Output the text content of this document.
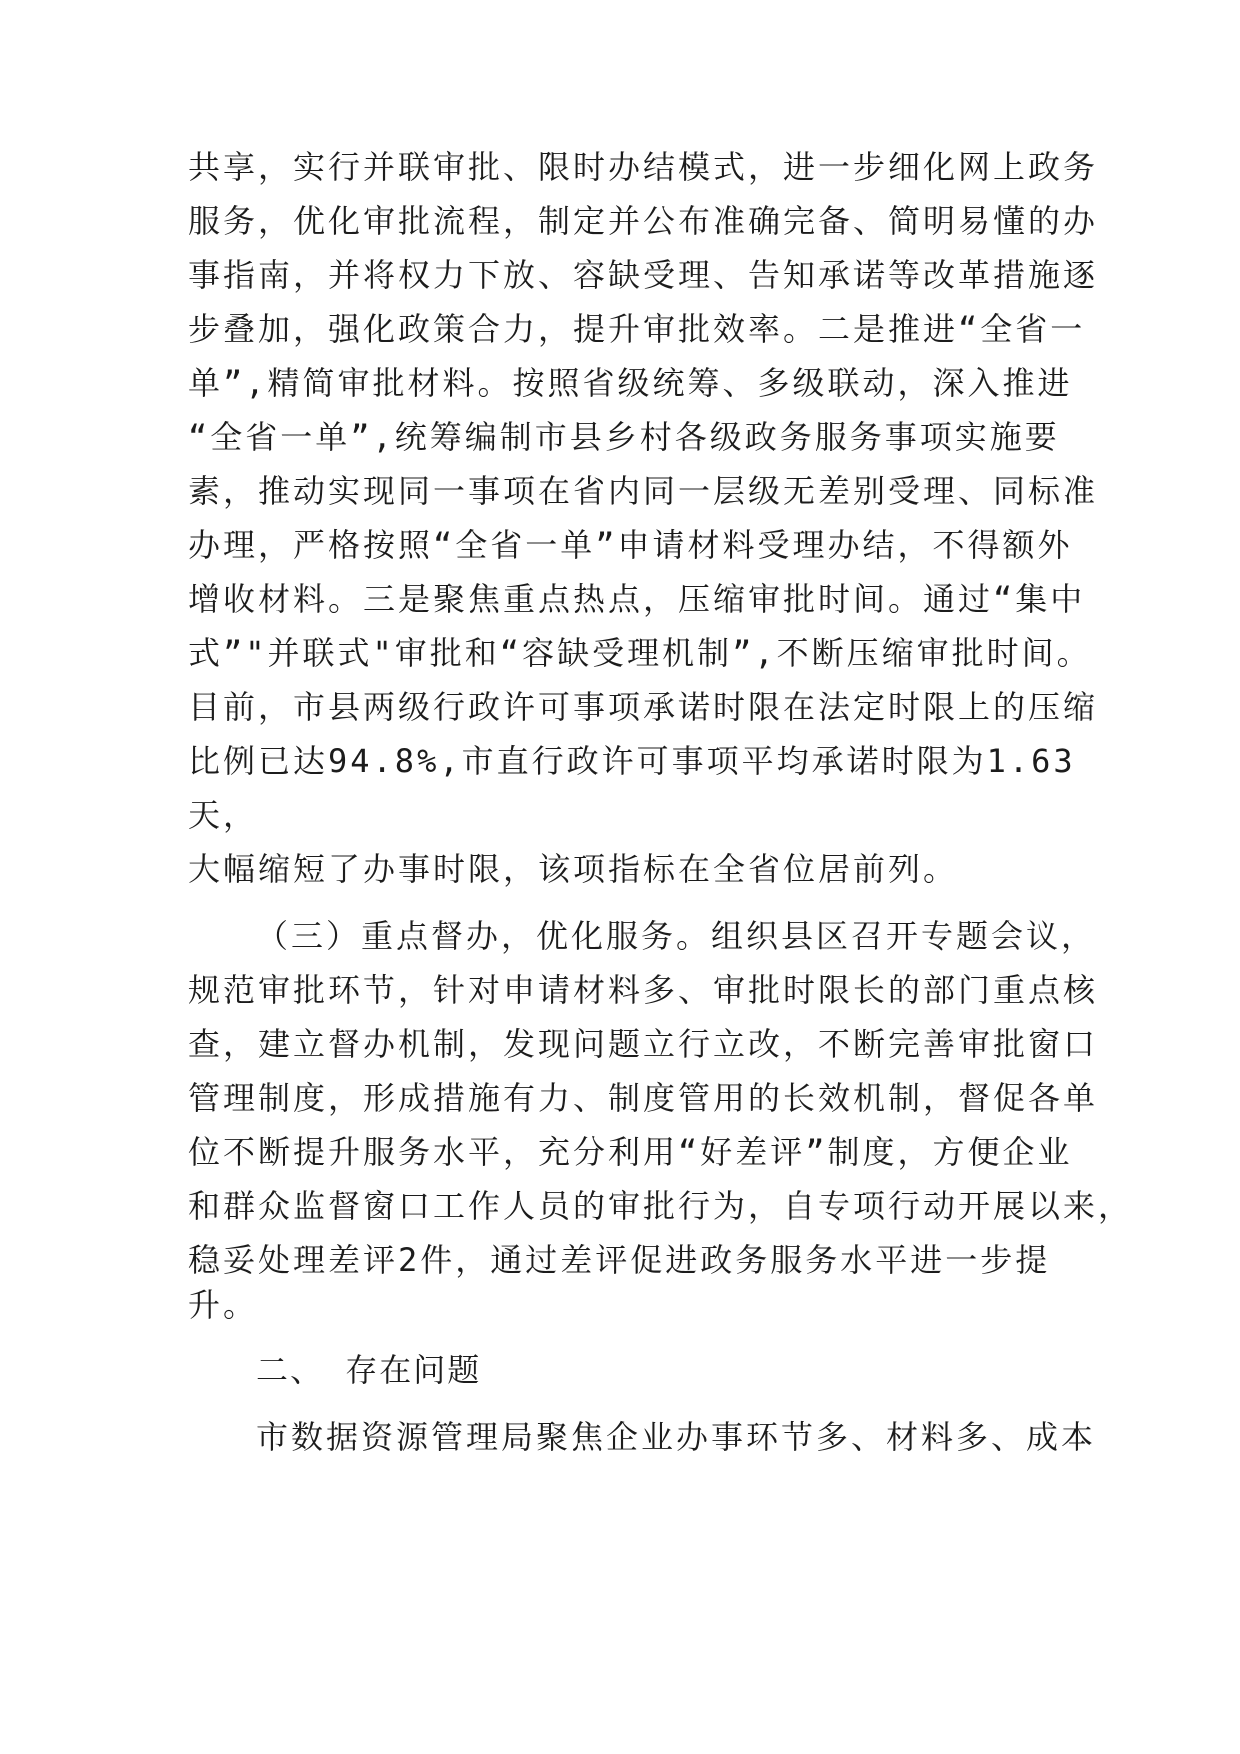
共享，实行并联审批、限时办结模式，进一步细化网上政务
服务，优化审批流程，制定并公布准确完备、简明易懂的办
事指南，并将权力下放、容缺受理、告知承诺等改革措施逐
步叠加，强化政策合力，提升审批效率。二是推进“全省一
单”,精简审批材料。按照省级统筹、多级联动，深入推进
“全省一单”,统筹编制市县乡村各级政务服务事项实施要
素，推动实现同一事项在省内同一层级无差别受理、同标准
办理，严格按照“全省一单”申请材料受理办结，不得额外
增收材料。三是聚焦重点热点，压缩审批时间。通过“集中
式”"并联式"审批和“容缺受理机制”,不断压缩审批时间。
目前，市县两级行政许可事项承诺时限在法定时限上的压缩
比例已达94.8%,市直行政许可事项平均承诺时限为1.63
天，
大幅缩短了办事时限，该项指标在全省位居前列。
（三）重点督办，优化服务。组织县区召开专题会议，
规范审批环节，针对申请材料多、审批时限长的部门重点核
查，建立督办机制，发现问题立行立改，不断完善审批窗口
管理制度，形成措施有力、制度管用的长效机制，督促各单
位不断提升服务水平，充分利用“好差评”制度，方便企业
和群众监督窗口工作人员的审批行为，自专项行动开展以来，
稳妥处理差评2件，通过差评促进政务服务水平进一步提
升。
二、 存在问题
市数据资源管理局聚焦企业办事环节多、材料多、成本
